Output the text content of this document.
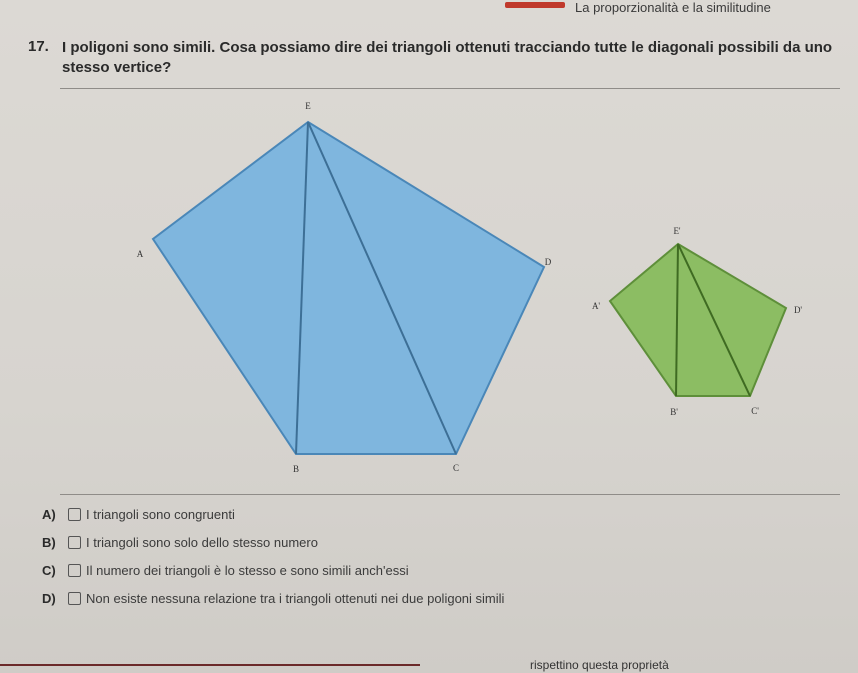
La proporzionalità e la similitudine
17. I poligoni sono simili. Cosa possiamo dire dei triangoli ottenuti tracciando tutte le diagonali possibili da uno stesso vertice?
E
A
D
B	C
E'
A'	D'
B'	C'
A) I triangoli sono congruenti
B) I triangoli sono solo dello stesso numero
C) Il numero dei triangoli è lo stesso e sono simili anch'essi
D) Non esiste nessuna relazione tra i triangoli ottenuti nei due poligoni simili
rispettino questa proprietà
